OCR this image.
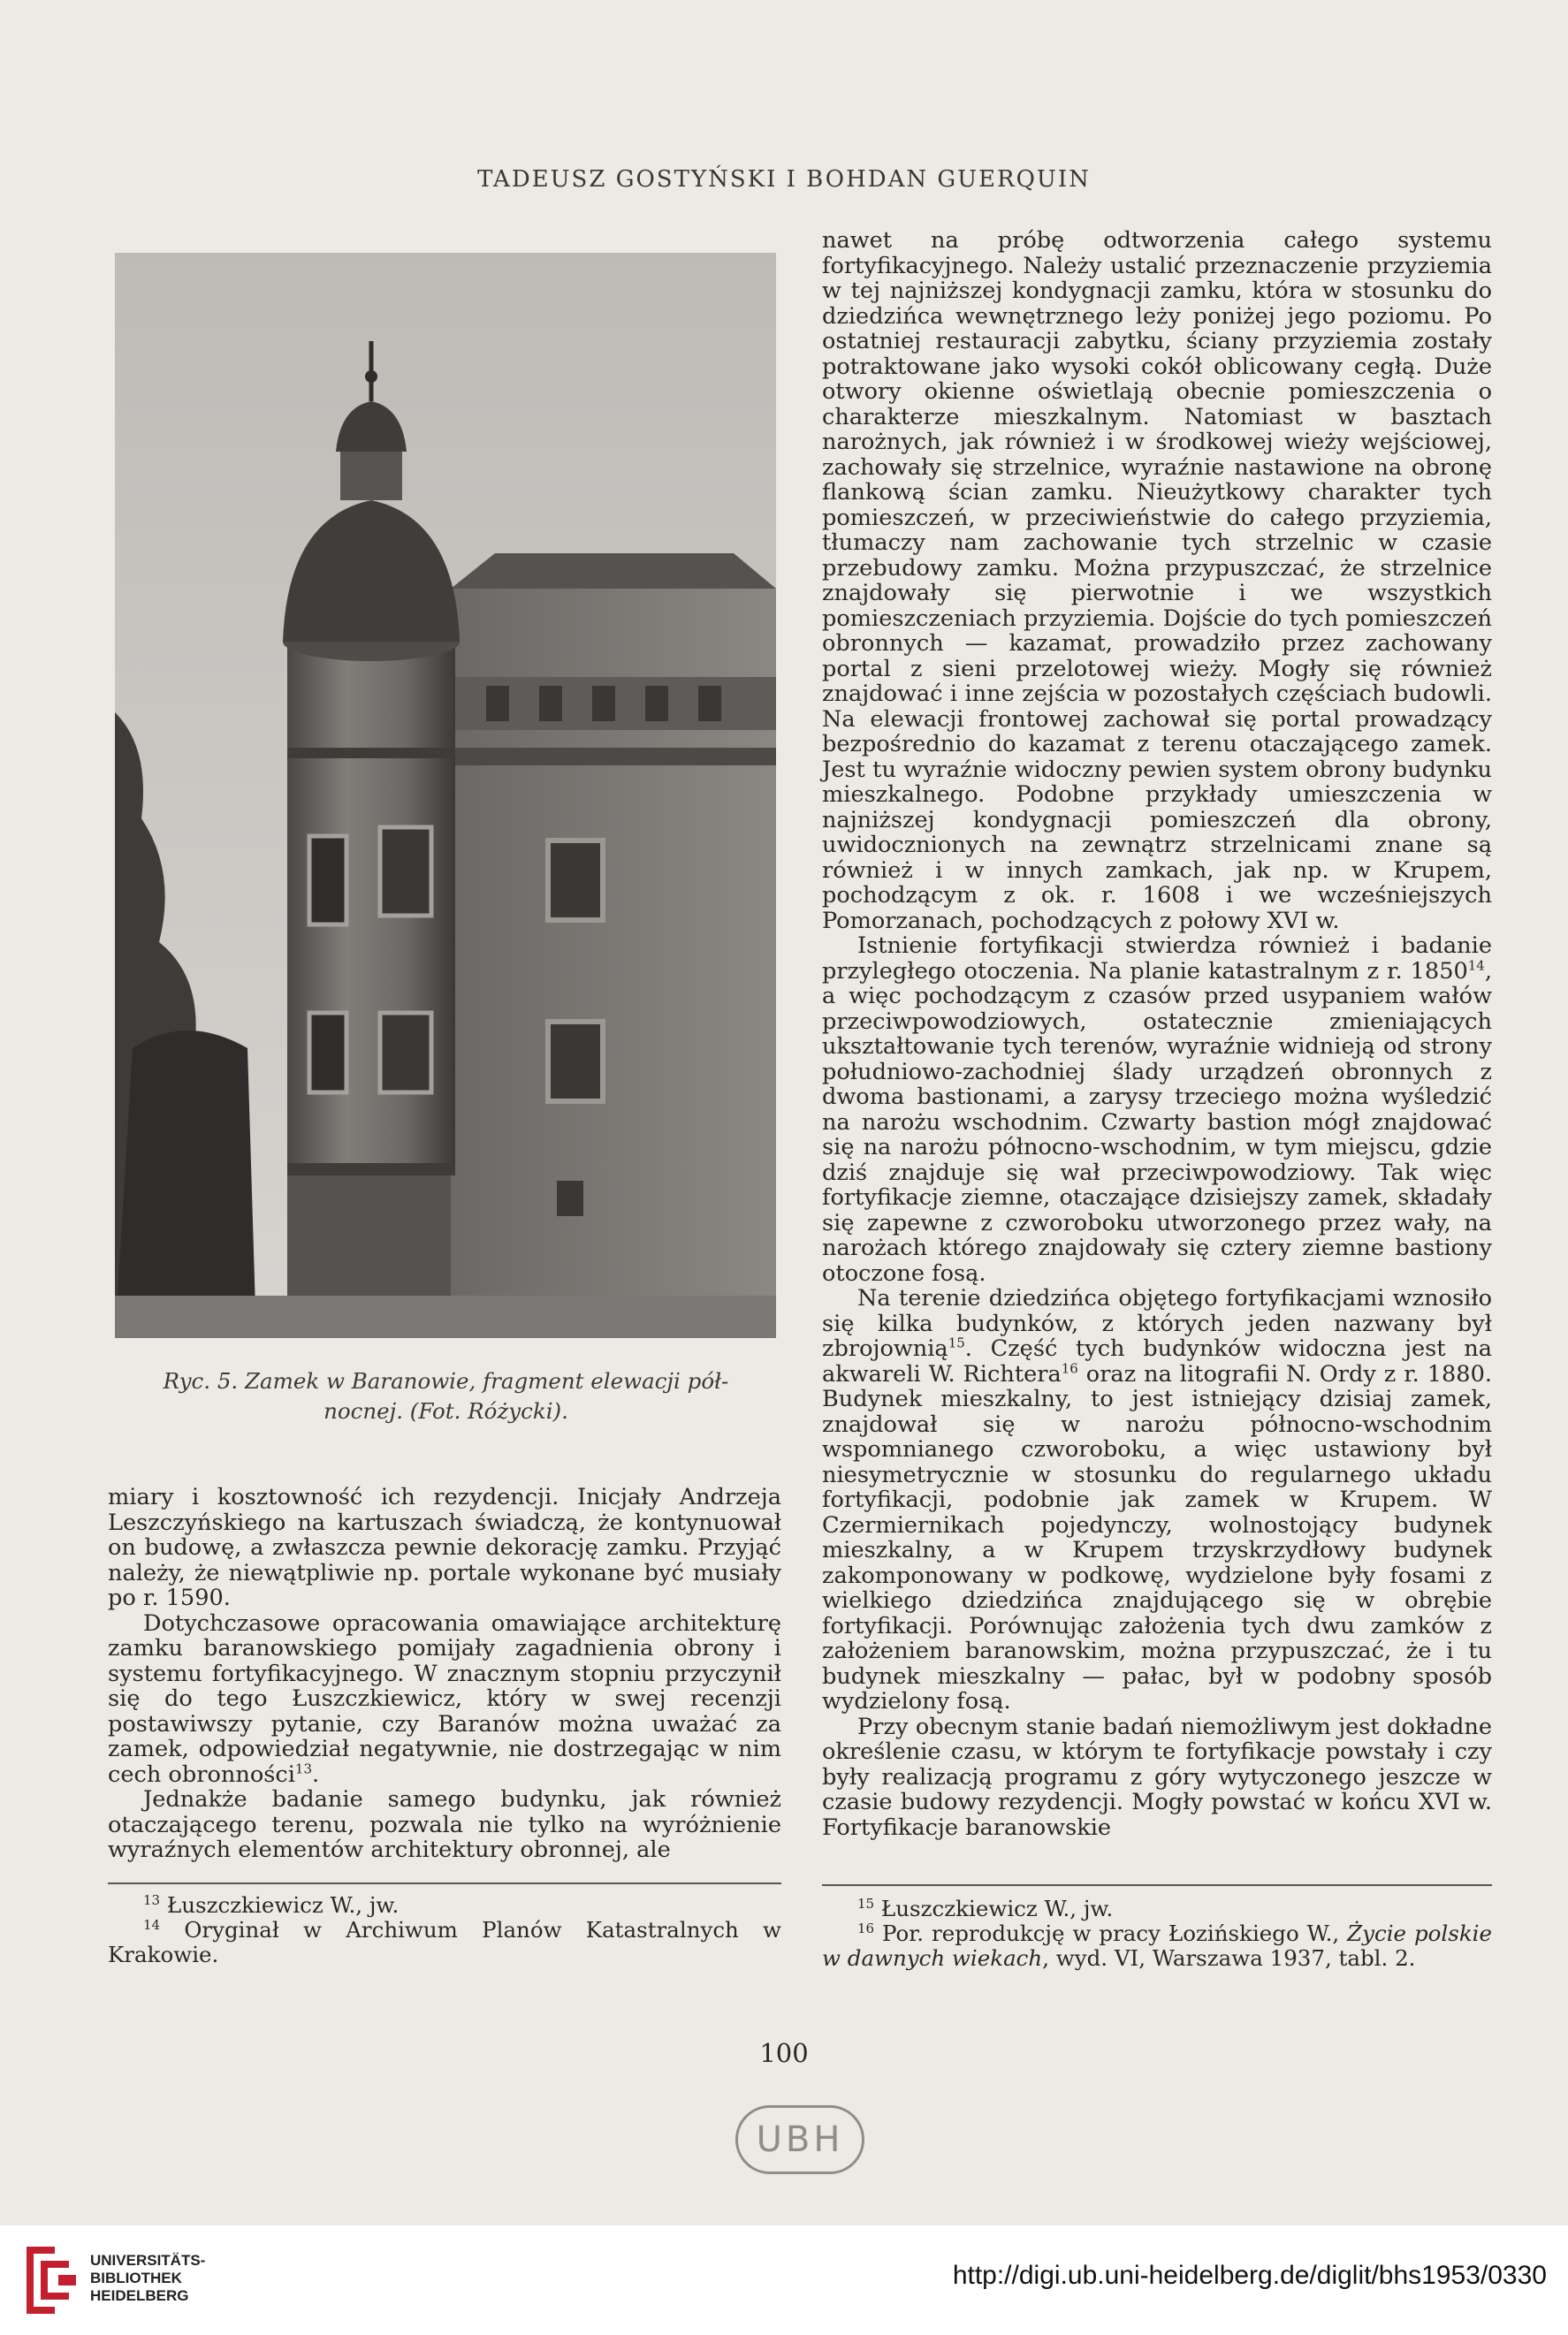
TADEUSZ GOSTYŃSKI I BOHDAN GUERQUIN
Ryc. 5. Zamek w Baranowie, fragment elewacji pół-
nocnej. (Fot. Różycki).

nawet na próbę odtworzenia całego systemu fortyfikacyjnego. Należy ustalić przeznaczenie przyziemia w tej najniższej kondygnacji zamku, która w stosunku do dziedzińca wewnętrznego leży poniżej jego poziomu. Po ostatniej restauracji zabytku, ściany przyziemia zostały potraktowane jako wysoki cokół oblicowany cegłą. Duże otwory okienne oświetlają obecnie pomieszczenia o charakterze mieszkalnym. Natomiast w basztach narożnych, jak również i w środkowej wieży wejściowej, zachowały się strzelnice, wyraźnie nastawione na obronę flankową ścian zamku. Nieużytkowy charakter tych pomieszczeń, w przeciwieństwie do całego przyziemia, tłumaczy nam zachowanie tych strzelnic w czasie przebudowy zamku. Można przypuszczać, że strzelnice znajdowały się pierwotnie i we wszystkich pomieszczeniach przyziemia. Dojście do tych pomieszczeń obronnych — kazamat, prowadziło przez zachowany portal z sieni przelotowej wieży. Mogły się również znajdować i inne zejścia w pozostałych częściach budowli. Na elewacji frontowej zachował się portal prowadzący bezpośrednio do kazamat z terenu otaczającego zamek. Jest tu wyraźnie widoczny pewien system obrony budynku mieszkalnego. Podobne przykłady umieszczenia w najniższej kondygnacji pomieszczeń dla obrony, uwidocznionych na zewnątrz strzelnicami znane są również i w innych zamkach, jak np. w Krupem, pochodzącym z ok. r. 1608 i we wcześniejszych Pomorzanach, pochodzących z połowy XVI w.

Istnienie fortyfikacji stwierdza również i badanie przyległego otoczenia. Na planie katastralnym z r. 1850$^{14}$, a więc pochodzącym z czasów przed usypaniem wałów przeciwpowodziowych, ostatecznie zmieniających ukształtowanie tych terenów, wyraźnie widnieją od strony południowo-zachodniej ślady urządzeń obronnych z dwoma bastionami, a zarysy trzeciego można wyśledzić na narożu wschodnim. Czwarty bastion mógł znajdować się na narożu północno-wschodnim, w tym miejscu, gdzie dziś znajduje się wał przeciwpowodziowy. Tak więc fortyfikacje ziemne, otaczające dzisiejszy zamek, składały się zapewne z czworoboku utworzonego przez wały, na narożach którego znajdowały się cztery ziemne bastiony otoczone fosą.

Na terenie dziedzińca objętego fortyfikacjami wznosiło się kilka budynków, z których jeden nazwany był zbrojownią$^{15}$. Część tych budynków widoczna jest na akwareli W. Richtera$^{16}$ oraz na litografii N. Ordy z r. 1880. Budynek mieszkalny, to jest istniejący dzisiaj zamek, znajdował się w narożu północno-wschodnim wspomnianego czworoboku, a więc ustawiony był niesymetrycznie w stosunku do regularnego układu fortyfikacji, podobnie jak zamek w Krupem. W Czermiernikach pojedynczy, wolnostojący budynek mieszkalny, a w Krupem trzyskrzydłowy budynek zakomponowany w podkowę, wydzielone były fosami z wielkiego dziedzińca znajdującego się w obrębie fortyfikacji. Porównując założenia tych dwu zamków z założeniem baranowskim, można przypuszczać, że i tu budynek mieszkalny — pałac, był w podobny sposób wydzielony fosą.

Przy obecnym stanie badań niemożliwym jest dokładne określenie czasu, w którym te fortyfikacje powstały i czy były realizacją programu z góry wytyczonego jeszcze w czasie budowy rezydencji. Mogły powstać w końcu XVI w. Fortyfikacje baranowskie

miary i kosztowność ich rezydencji. Inicjały Andrzeja Leszczyńskiego na kartuszach świadczą, że kontynuował on budowę, a zwłaszcza pewnie dekorację zamku. Przyjąć należy, że niewątpliwie np. portale wykonane być musiały po r. 1590.

Dotychczasowe opracowania omawiające architekturę zamku baranowskiego pomijały zagadnienia obrony i systemu fortyfikacyjnego. W znacznym stopniu przyczynił się do tego Łuszczkiewicz, który w swej recenzji postawiwszy pytanie, czy Baranów można uważać za zamek, odpowiedział negatywnie, nie dostrzegając w nim cech obronności$^{13}$.

Jednakże badanie samego budynku, jak również otaczającego terenu, pozwala nie tylko na wyróżnienie wyraźnych elementów architektury obronnej, ale

$^{13}$ Łuszczkiewicz W., jw.
$^{14}$ Oryginał w Archiwum Planów Katastralnych w Krakowie.
$^{15}$ Łuszczkiewicz W., jw.
$^{16}$ Por. reprodukcję w pracy Łozińskiego W., Życie polskie w dawnych wiekach, wyd. VI, Warszawa 1937, tabl. 2.
100
UBH
UNIVERSITÄTS-
BIBLIOTHEK
HEIDELBERG
http://digi.ub.uni-heidelberg.de/diglit/bhs1953/0330
